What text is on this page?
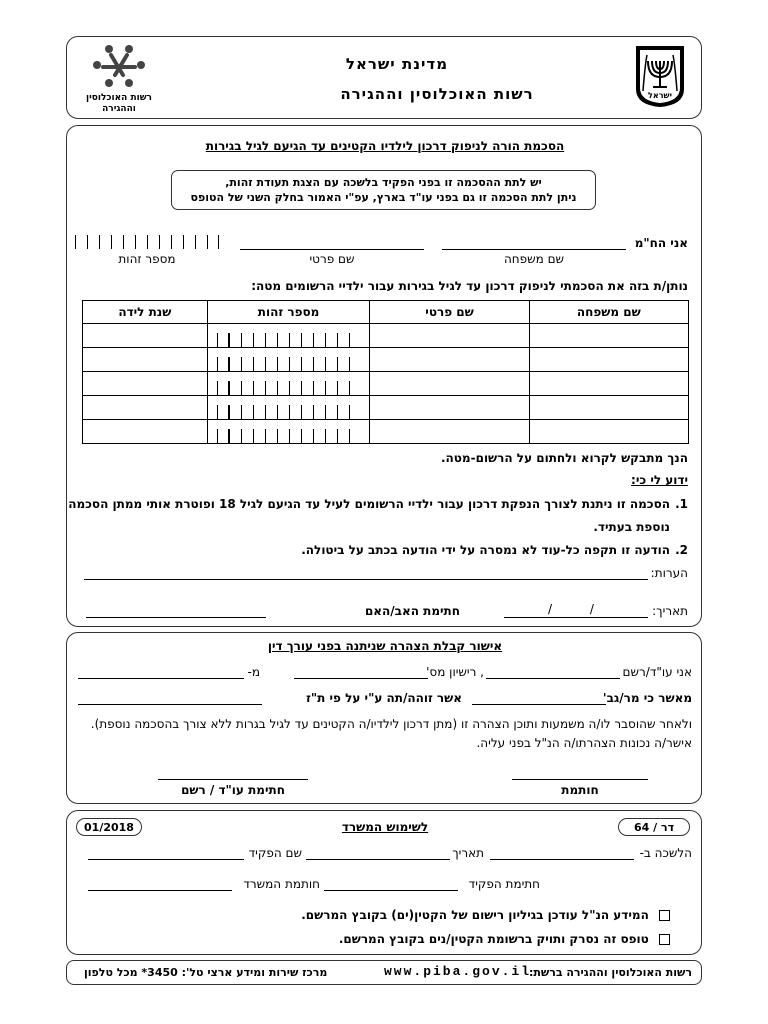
ישראל
מדינת ישראל
רשות האוכלוסין וההגירה
רשות האוכלוסין
וההגירה
הסכמת הורה לניפוק דרכון לילדיו הקטינים עד הגיעם לגיל בגירות
יש לתת ההסכמה זו בפני הפקיד בלשכה עם הצגת תעודת זהות,
ניתן לתת הסכמה זו גם בפני עו"ד בארץ, עפ"י האמור בחלק השני של הטופס
אני הח"מ
שם משפחה
שם פרטי
מספר זהות
נותן/ת בזה את הסכמתי לניפוק דרכון עד לגיל בגירות עבור ילדיי הרשומים מטה:
שם משפחה	שם פרטי	מספר זהות	שנת לידה

הנך מתבקש לקרוא ולחתום על הרשום-מטה.
ידוע לי כי:
1.
הסכמה זו ניתנת לצורך הנפקת דרכון עבור ילדיי הרשומים לעיל עד הגיעם לגיל 18 ופוטרת אותי ממתן הסכמה
נוספת בעתיד.
2.
הודעה זו תקפה כל-עוד לא נמסרה על ידי הודעה בכתב על ביטולה.
הערות:
תאריך:
/ /
חתימת האב/האם
אישור קבלת הצהרה שניתנה בפני עורך דין
אני עו"ד/רשם
, רישיון מס'
מ-
מאשר כי מר/גב'
אשר זוהה/תה ע"י על פי ת"ז
ולאחר שהוסבר לו/ה משמעות ותוכן הצהרה זו (מתן דרכון לילדיו/ה הקטינים עד לגיל בגרות ללא צורך בהסכמה נוספת).
אישר/ה נכונות הצהרתו/ה הנ"ל בפני עליה.
חותמת
חתימת עו"ד / רשם
דר / 64
לשימוש המשרד
01/2018
הלשכה ב-
תאריך
שם הפקיד
חתימת הפקיד
חותמת המשרד
המידע הנ"ל עודכן בגיליון רישום של הקטין(ים) בקובץ המרשם.
טופס זה נסרק ותויק ברשומת הקטין/נים בקובץ המרשם.
רשות האוכלוסין וההגירה ברשת:
www.piba.gov.il
מרכז שירות ומידע ארצי טל': 3450* מכל טלפון
